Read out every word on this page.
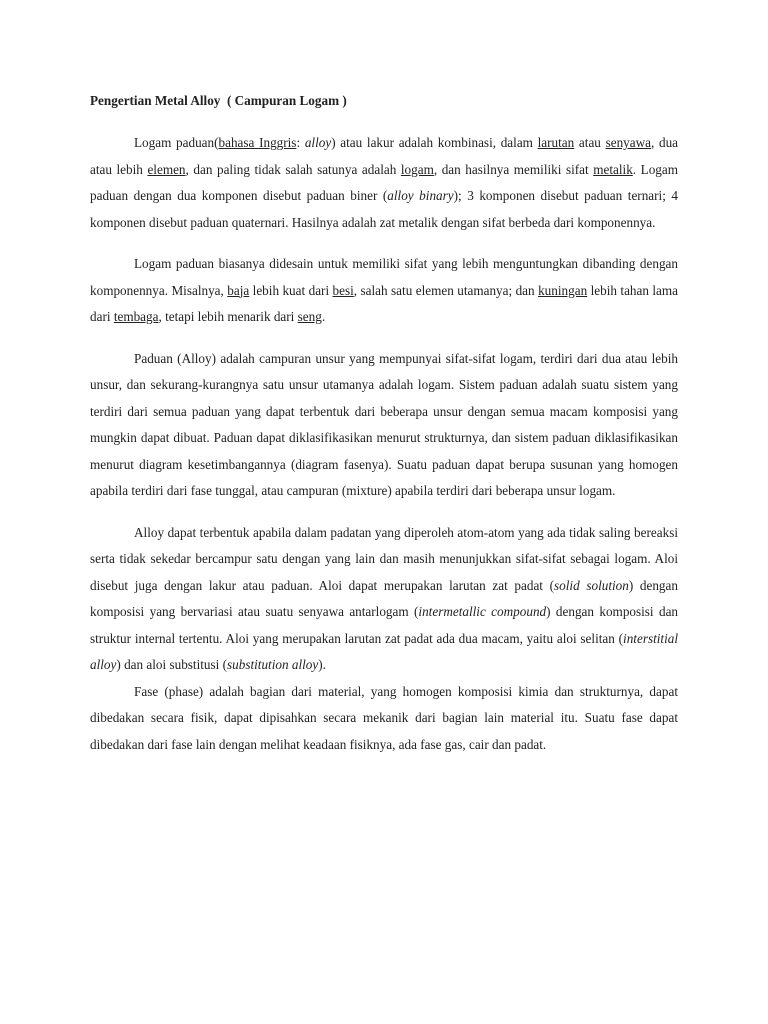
Pengertian Metal Alloy  ( Campuran Logam )

Logam paduan(bahasa Inggris: alloy) atau lakur adalah kombinasi, dalam larutan atau senyawa, dua atau lebih elemen, dan paling tidak salah satunya adalah logam, dan hasilnya memiliki sifat metalik. Logam paduan dengan dua komponen disebut paduan biner (alloy binary); 3 komponen disebut paduan ternari; 4 komponen disebut paduan quaternari. Hasilnya adalah zat metalik dengan sifat berbeda dari komponennya.

Logam paduan biasanya didesain untuk memiliki sifat yang lebih menguntungkan dibanding dengan komponennya. Misalnya, baja lebih kuat dari besi, salah satu elemen utamanya; dan kuningan lebih tahan lama dari tembaga, tetapi lebih menarik dari seng.

Paduan (Alloy) adalah campuran unsur yang mempunyai sifat-sifat logam, terdiri dari dua atau lebih unsur, dan sekurang-kurangnya satu unsur utamanya adalah logam. Sistem paduan adalah suatu sistem yang terdiri dari semua paduan yang dapat terbentuk dari beberapa unsur dengan semua macam komposisi yang mungkin dapat dibuat. Paduan dapat diklasifikasikan menurut strukturnya, dan sistem paduan diklasifikasikan menurut diagram kesetimbangannya (diagram fasenya). Suatu paduan dapat berupa susunan yang homogen apabila terdiri dari fase tunggal, atau campuran (mixture) apabila terdiri dari beberapa unsur logam.

Alloy dapat terbentuk apabila dalam padatan yang diperoleh atom-atom yang ada tidak saling bereaksi serta tidak sekedar bercampur satu dengan yang lain dan masih menunjukkan sifat-sifat sebagai logam. Aloi disebut juga dengan lakur atau paduan. Aloi dapat merupakan larutan zat padat (solid solution) dengan komposisi yang bervariasi atau suatu senyawa antarlogam (intermetallic compound) dengan komposisi dan struktur internal tertentu. Aloi yang merupakan larutan zat padat ada dua macam, yaitu aloi selitan (interstitial alloy) dan aloi substitusi (substitution alloy).

Fase (phase) adalah bagian dari material, yang homogen komposisi kimia dan strukturnya, dapat dibedakan secara fisik, dapat dipisahkan secara mekanik dari bagian lain material itu. Suatu fase dapat dibedakan dari fase lain dengan melihat keadaan fisiknya, ada fase gas, cair dan padat.
